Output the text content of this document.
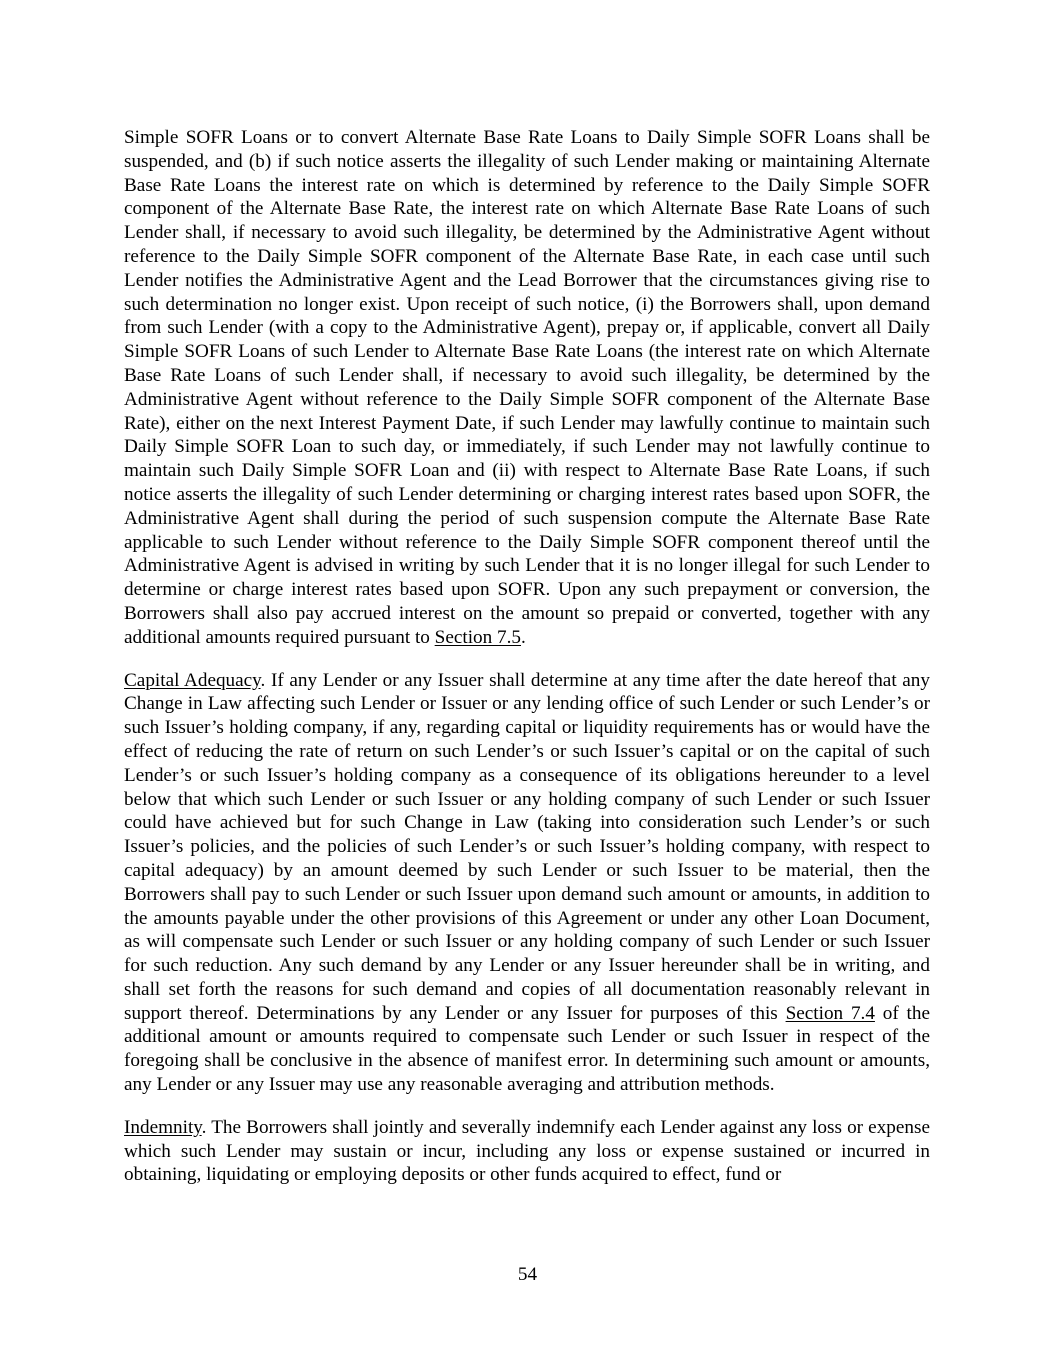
Simple SOFR Loans or to convert Alternate Base Rate Loans to Daily Simple SOFR Loans shall be suspended, and (b) if such notice asserts the illegality of such Lender making or maintaining Alternate Base Rate Loans the interest rate on which is determined by reference to the Daily Simple SOFR component of the Alternate Base Rate, the interest rate on which Alternate Base Rate Loans of such Lender shall, if necessary to avoid such illegality, be determined by the Administrative Agent without reference to the Daily Simple SOFR component of the Alternate Base Rate, in each case until such Lender notifies the Administrative Agent and the Lead Borrower that the circumstances giving rise to such determination no longer exist. Upon receipt of such notice, (i) the Borrowers shall, upon demand from such Lender (with a copy to the Administrative Agent), prepay or, if applicable, convert all Daily Simple SOFR Loans of such Lender to Alternate Base Rate Loans (the interest rate on which Alternate Base Rate Loans of such Lender shall, if necessary to avoid such illegality, be determined by the Administrative Agent without reference to the Daily Simple SOFR component of the Alternate Base Rate), either on the next Interest Payment Date, if such Lender may lawfully continue to maintain such Daily Simple SOFR Loan to such day, or immediately, if such Lender may not lawfully continue to maintain such Daily Simple SOFR Loan and (ii) with respect to Alternate Base Rate Loans, if such notice asserts the illegality of such Lender determining or charging interest rates based upon SOFR, the Administrative Agent shall during the period of such suspension compute the Alternate Base Rate applicable to such Lender without reference to the Daily Simple SOFR component thereof until the Administrative Agent is advised in writing by such Lender that it is no longer illegal for such Lender to determine or charge interest rates based upon SOFR. Upon any such prepayment or conversion, the Borrowers shall also pay accrued interest on the amount so prepaid or converted, together with any additional amounts required pursuant to Section 7.5.

Capital Adequacy. If any Lender or any Issuer shall determine at any time after the date hereof that any Change in Law affecting such Lender or Issuer or any lending office of such Lender or such Lender’s or such Issuer’s holding company, if any, regarding capital or liquidity requirements has or would have the effect of reducing the rate of return on such Lender’s or such Issuer’s capital or on the capital of such Lender’s or such Issuer’s holding company as a consequence of its obligations hereunder to a level below that which such Lender or such Issuer or any holding company of such Lender or such Issuer could have achieved but for such Change in Law (taking into consideration such Lender’s or such Issuer’s policies, and the policies of such Lender’s or such Issuer’s holding company, with respect to capital adequacy) by an amount deemed by such Lender or such Issuer to be material, then the Borrowers shall pay to such Lender or such Issuer upon demand such amount or amounts, in addition to the amounts payable under the other provisions of this Agreement or under any other Loan Document, as will compensate such Lender or such Issuer or any holding company of such Lender or such Issuer for such reduction. Any such demand by any Lender or any Issuer hereunder shall be in writing, and shall set forth the reasons for such demand and copies of all documentation reasonably relevant in support thereof. Determinations by any Lender or any Issuer for purposes of this Section 7.4 of the additional amount or amounts required to compensate such Lender or such Issuer in respect of the foregoing shall be conclusive in the absence of manifest error. In determining such amount or amounts, any Lender or any Issuer may use any reasonable averaging and attribution methods.

Indemnity. The Borrowers shall jointly and severally indemnify each Lender against any loss or expense which such Lender may sustain or incur, including any loss or expense sustained or incurred in obtaining, liquidating or employing deposits or other funds acquired to effect, fund or

54
